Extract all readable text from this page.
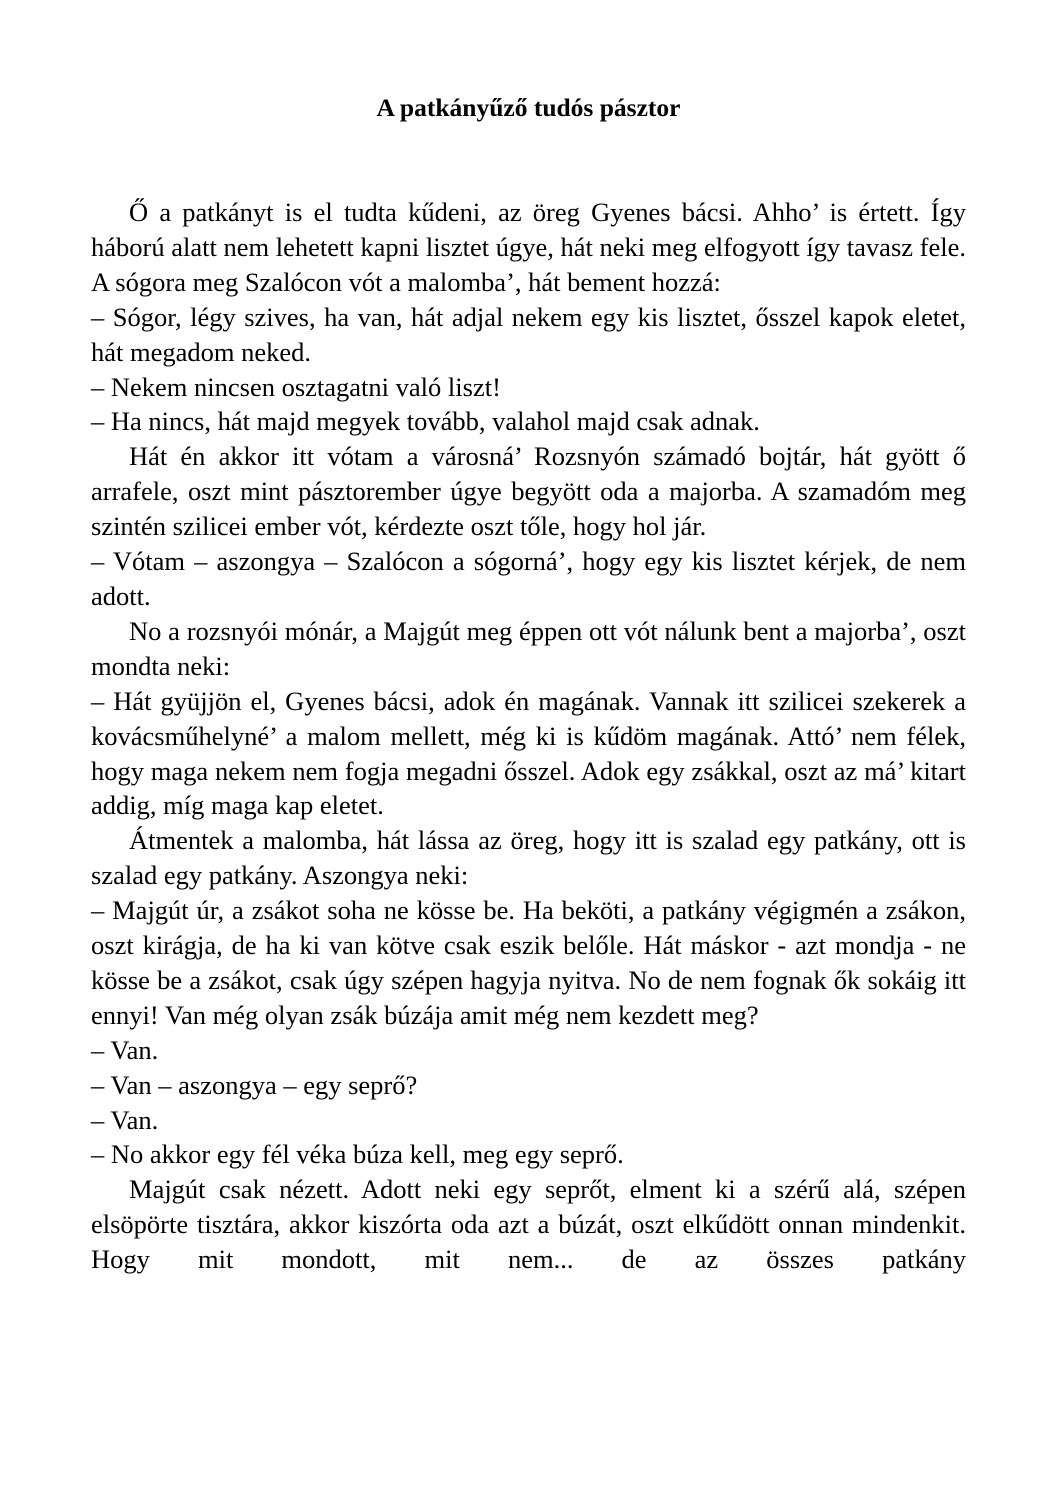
A patkányűző tudós pásztor

Ő a patkányt is el tudta kűdeni, az öreg Gyenes bácsi. Ahho’ is értett. Így háború alatt nem lehetett kapni lisztet úgye, hát neki meg elfogyott így tavasz fele. A sógora meg Szalócon vót a malomba’, hát bement hozzá:

– Sógor, légy szives, ha van, hát adjal nekem egy kis lisztet, ősszel kapok eletet, hát megadom neked.

– Nekem nincsen osztagatni való liszt!

– Ha nincs, hát majd megyek tovább, valahol majd csak adnak.

Hát én akkor itt vótam a városná’ Rozsnyón számadó bojtár, hát gyött ő arrafele, oszt mint pásztorember úgye begyött oda a majorba. A szamadóm meg szintén szilicei ember vót, kérdezte oszt tőle, hogy hol jár.

– Vótam – aszongya – Szalócon a sógorná’, hogy egy kis lisztet kérjek, de nem adott.

No a rozsnyói mónár, a Majgút meg éppen ott vót nálunk bent a majorba’, oszt mondta neki:

– Hát gyüjjön el, Gyenes bácsi, adok én magának. Vannak itt szilicei szekerek a kovácsműhelyné’ a malom mellett, még ki is kűdöm magának. Attó’ nem félek, hogy maga nekem nem fogja megadni ősszel. Adok egy zsákkal, oszt az má’ kitart addig, míg maga kap eletet.

Átmentek a malomba, hát lássa az öreg, hogy itt is szalad egy patkány, ott is szalad egy patkány. Aszongya neki:

– Majgút úr, a zsákot soha ne kösse be. Ha beköti, a patkány végigmén a zsákon, oszt kirágja, de ha ki van kötve csak eszik belőle. Hát máskor - azt mondja - ne kösse be a zsákot, csak úgy szépen hagyja nyitva. No de nem fognak ők sokáig itt ennyi! Van még olyan zsák búzája amit még nem kezdett meg?

– Van.

– Van – aszongya – egy seprő?

– Van.

– No akkor egy fél véka búza kell, meg egy seprő.

Majgút csak nézett. Adott neki egy seprőt, elment ki a szérű alá, szépen elsöpörte tisztára, akkor kiszórta oda azt a búzát, oszt elkűdött onnan mindenkit. Hogy mit mondott, mit nem... de az összes patkány
